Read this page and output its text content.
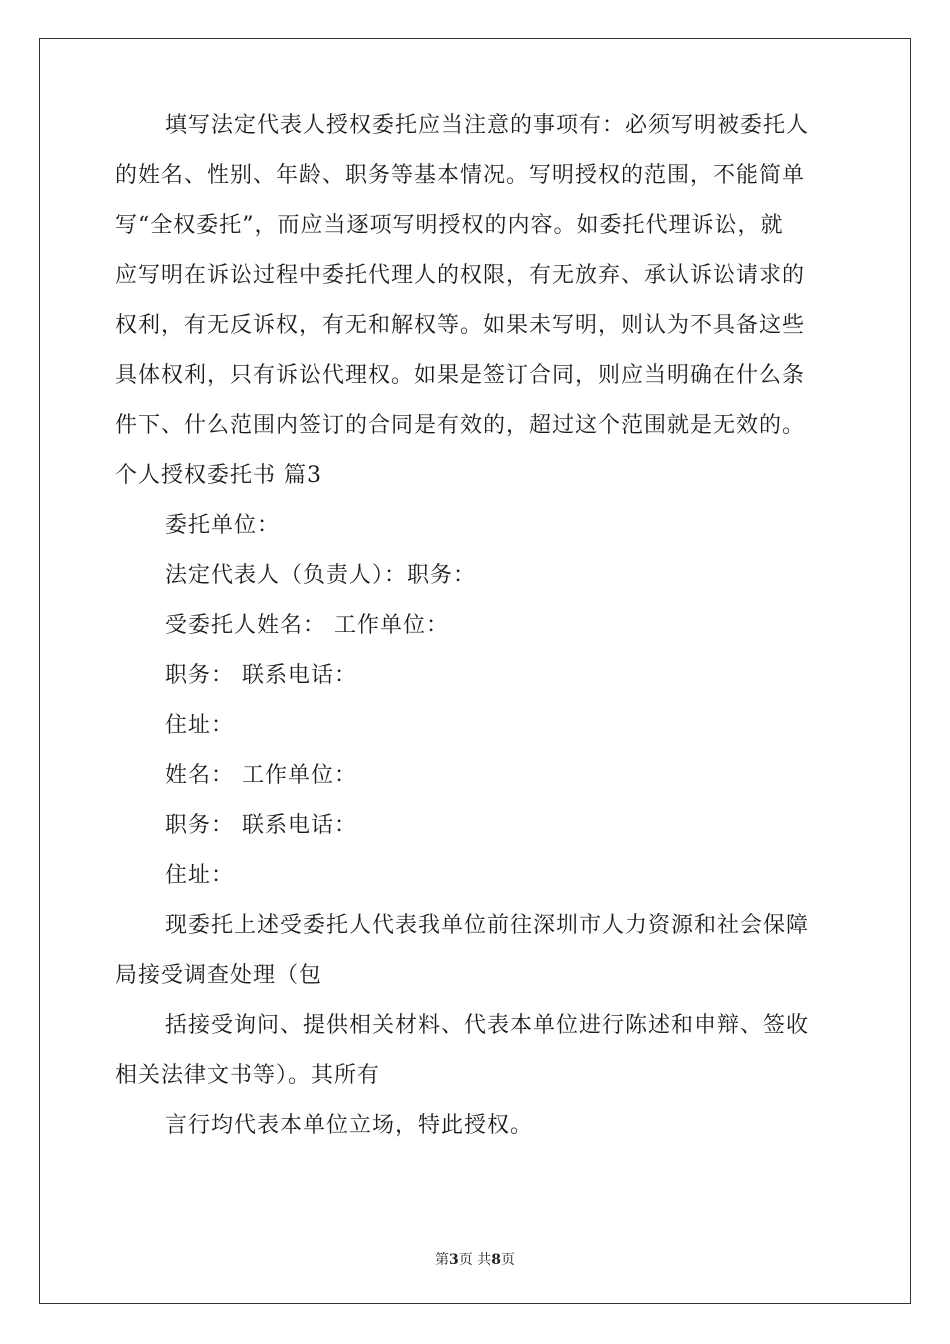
填写法定代表人授权委托应当注意的事项有：必须写明被委托人
的姓名、性别、年龄、职务等基本情况。写明授权的范围，不能简单
写“全权委托”，而应当逐项写明授权的内容。如委托代理诉讼，就
应写明在诉讼过程中委托代理人的权限，有无放弃、承认诉讼请求的
权利，有无反诉权，有无和解权等。如果未写明，则认为不具备这些
具体权利，只有诉讼代理权。如果是签订合同，则应当明确在什么条
件下、什么范围内签订的合同是有效的，超过这个范围就是无效的。
个人授权委托书 篇3
委托单位：
法定代表人（负责人）：职务：
受委托人姓名： 工作单位：
职务： 联系电话：
住址：
姓名： 工作单位：
职务： 联系电话：
住址：
现委托上述受委托人代表我单位前往深圳市人力资源和社会保障
局接受调查处理（包
括接受询问、提供相关材料、代表本单位进行陈述和申辩、签收
相关法律文书等）。其所有
言行均代表本单位立场，特此授权。
第3页 共8页
